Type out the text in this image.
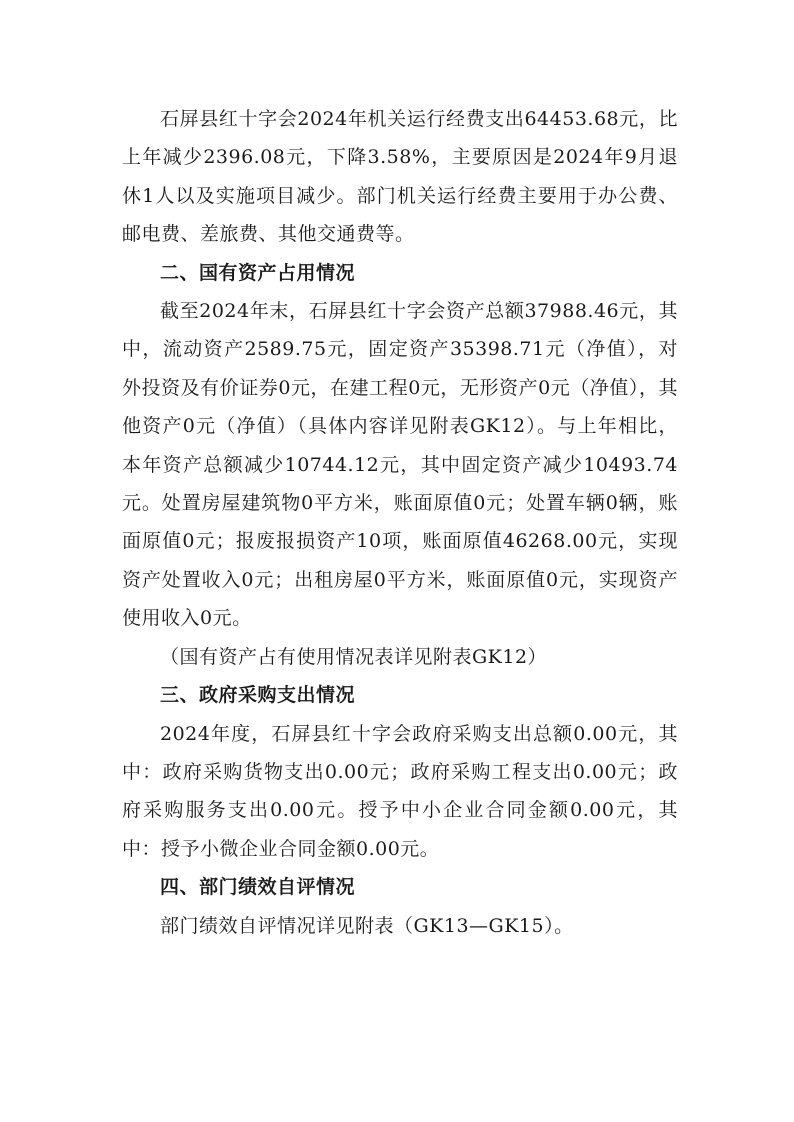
石屏县红十字会2024年机关运行经费支出64453.68元，比上年减少2396.08元，下降3.58%，主要原因是2024年9月退休1人以及实施项目减少。部门机关运行经费主要用于办公费、邮电费、差旅费、其他交通费等。

二、国有资产占用情况

截至2024年末，石屏县红十字会资产总额37988.46元，其中，流动资产2589.75元，固定资产35398.71元（净值），对外投资及有价证券0元，在建工程0元，无形资产0元（净值），其他资产0元（净值）（具体内容详见附表GK12）。与上年相比，本年资产总额减少10744.12元，其中固定资产减少10493.74元。处置房屋建筑物0平方米，账面原值0元；处置车辆0辆，账面原值0元；报废报损资产10项，账面原值46268.00元，实现资产处置收入0元；出租房屋0平方米，账面原值0元，实现资产使用收入0元。

（国有资产占有使用情况表详见附表GK12）

三、政府采购支出情况

2024年度，石屏县红十字会政府采购支出总额0.00元，其中：政府采购货物支出0.00元；政府采购工程支出0.00元；政府采购服务支出0.00元。授予中小企业合同金额0.00元，其中：授予小微企业合同金额0.00元。

四、部门绩效自评情况

部门绩效自评情况详见附表（GK13—GK15）。
